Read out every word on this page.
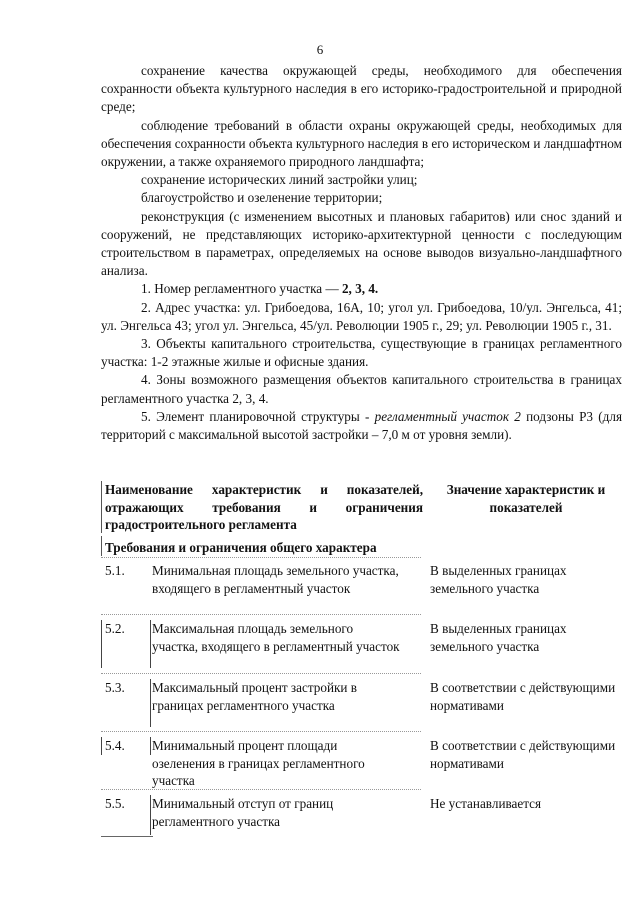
6

сохранение качества окружающей среды, необходимого для обеспечения сохранности объекта культурного наследия в его историко-градостроительной и природной среде;

соблюдение требований в области охраны окружающей среды, необходимых для обеспечения сохранности объекта культурного наследия в его историческом и ландшафтном окружении, а также охраняемого природного ландшафта;

сохранение исторических линий застройки улиц;

благоустройство и озеленение территории;

реконструкция (с изменением высотных и плановых габаритов) или снос зданий и сооружений, не представляющих историко-архитектурной ценности с последующим строительством в параметрах, определяемых на основе выводов визуально-ландшафтного анализа.

1. Номер регламентного участка — 2, 3, 4.

2. Адрес участка: ул. Грибоедова, 16А, 10; угол ул. Грибоедова, 10/ул. Энгельса, 41; ул. Энгельса 43; угол ул. Энгельса, 45/ул. Революции 1905 г., 29; ул. Революции 1905 г., 31.

3. Объекты капитального строительства, существующие в границах регламентного участка: 1-2 этажные жилые и офисные здания.

4. Зоны возможного размещения объектов капитального строительства в границах регламентного участка 2, 3, 4.

5. Элемент планировочной структуры - регламентный участок 2 подзоны Р3 (для территорий с максимальной высотой застройки – 7,0 м от уровня земли).

Наименование характеристик и показателей, отражающих требования и ограничения градостроительного регламента
Значение характеристик и показателей
Требования и ограничения общего характера
5.1. Минимальная площадь земельного участка, входящего в регламентный участок
В выделенных границах земельного участка
5.2. Максимальная площадь земельного участка, входящего в регламентный участок
В выделенных границах земельного участка
5.3. Максимальный процент застройки в границах регламентного участка
В соответствии с действующими нормативами
5.4. Минимальный процент площади озеленения в границах регламентного участка
В соответствии с действующими нормативами
5.5. Минимальный отступ от границ регламентного участка
Не устанавливается
